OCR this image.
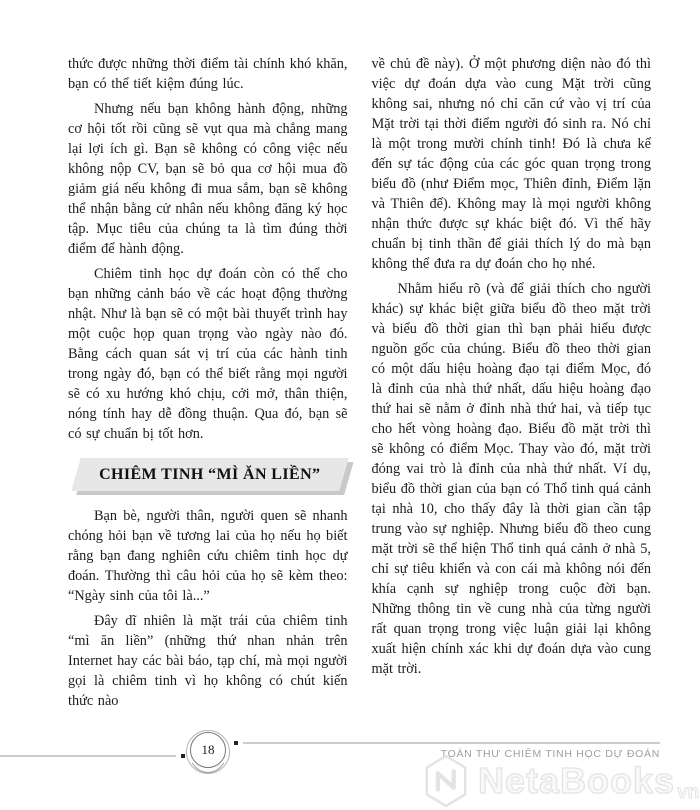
thức được những thời điểm tài chính khó khăn, bạn có thể tiết kiệm đúng lúc.

Nhưng nếu bạn không hành động, những cơ hội tốt rồi cũng sẽ vụt qua mà chẳng mang lại lợi ích gì. Bạn sẽ không có công việc nếu không nộp CV, bạn sẽ bỏ qua cơ hội mua đồ giảm giá nếu không đi mua sắm, bạn sẽ không thể nhận bằng cử nhân nếu không đăng ký học tập. Mục tiêu của chúng ta là tìm đúng thời điểm để hành động.

Chiêm tinh học dự đoán còn có thể cho bạn những cảnh báo về các hoạt động thường nhật. Như là bạn sẽ có một bài thuyết trình hay một cuộc họp quan trọng vào ngày nào đó. Bằng cách quan sát vị trí của các hành tinh trong ngày đó, bạn có thể biết rằng mọi người sẽ có xu hướng khó chịu, cởi mở, thân thiện, nóng tính hay dễ đồng thuận. Qua đó, bạn sẽ có sự chuẩn bị tốt hơn.

CHIÊM TINH “MÌ ĂN LIỀN”

Bạn bè, người thân, người quen sẽ nhanh chóng hỏi bạn về tương lai của họ nếu họ biết rằng bạn đang nghiên cứu chiêm tinh học dự đoán. Thường thì câu hỏi của họ sẽ kèm theo: “Ngày sinh của tôi là...”

Đây dĩ nhiên là mặt trái của chiêm tinh “mì ăn liền” (những thứ nhan nhản trên Internet hay các bài báo, tạp chí, mà mọi người gọi là chiêm tinh vì họ không có chút kiến thức nào

về chủ đề này). Ở một phương diện nào đó thì việc dự đoán dựa vào cung Mặt trời cũng không sai, nhưng nó chỉ căn cứ vào vị trí của Mặt trời tại thời điểm người đó sinh ra. Nó chỉ là một trong mười chính tinh! Đó là chưa kể đến sự tác động của các góc quan trọng trong biểu đồ (như Điểm mọc, Thiên đỉnh, Điểm lặn và Thiên đế). Không may là mọi người không nhận thức được sự khác biệt đó. Vì thế hãy chuẩn bị tinh thần để giải thích lý do mà bạn không thể đưa ra dự đoán cho họ nhé.

Nhằm hiểu rõ (và để giải thích cho người khác) sự khác biệt giữa biểu đồ theo mặt trời và biểu đồ thời gian thì bạn phải hiểu được nguồn gốc của chúng. Biểu đồ theo thời gian có một dấu hiệu hoàng đạo tại điểm Mọc, đó là đỉnh của nhà thứ nhất, dấu hiệu hoàng đạo thứ hai sẽ nằm ở đỉnh nhà thứ hai, và tiếp tục cho hết vòng hoàng đạo. Biểu đồ mặt trời thì sẽ không có điểm Mọc. Thay vào đó, mặt trời đóng vai trò là đỉnh của nhà thứ nhất. Ví dụ, biểu đồ thời gian của bạn có Thổ tinh quá cảnh tại nhà 10, cho thấy đây là thời gian cần tập trung vào sự nghiệp. Nhưng biểu đồ theo cung mặt trời sẽ thể hiện Thổ tinh quá cảnh ở nhà 5, chỉ sự tiêu khiển và con cái mà không nói đến khía cạnh sự nghiệp trong cuộc đời bạn. Những thông tin về cung nhà của từng người rất quan trọng trong việc luận giải lại không xuất hiện chính xác khi dự đoán dựa vào cung mặt trời.

18	TOÀN THƯ CHIÊM TINH HỌC DỰ ĐOÁN
NetaBooks vn
